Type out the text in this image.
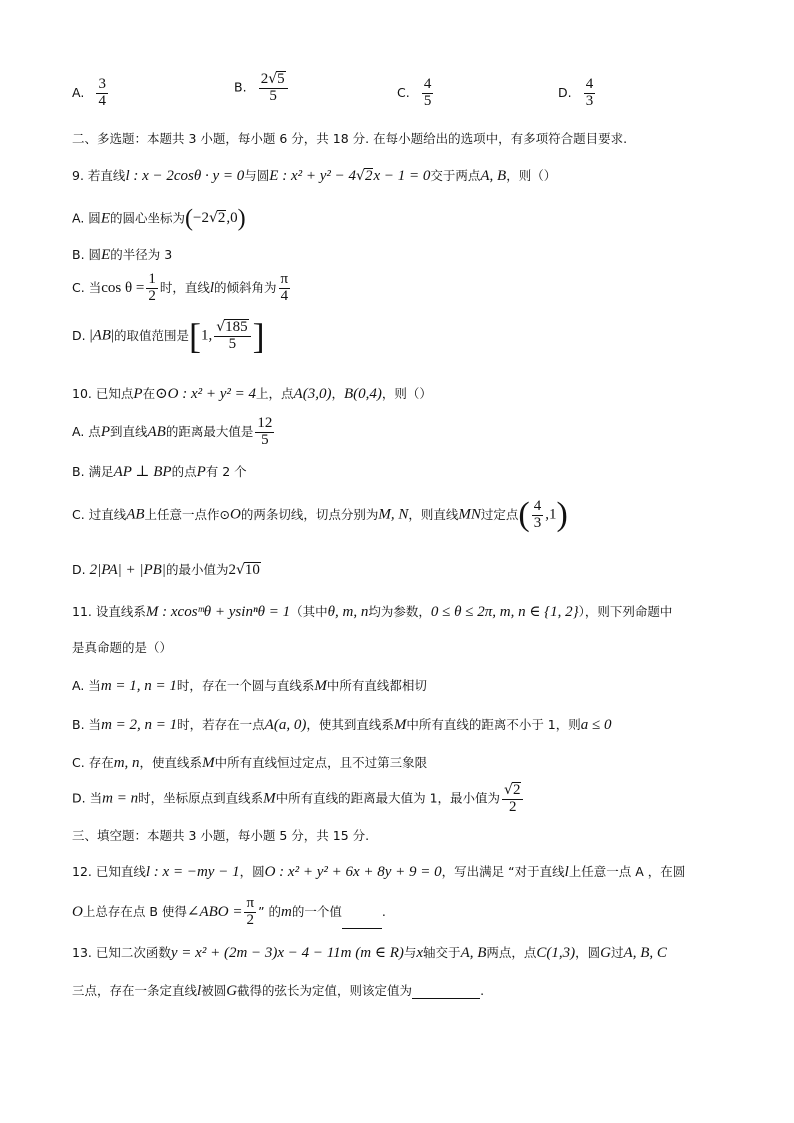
A. $\frac{3}{4}$	B. $\frac{2√5}{5}$	C. $\frac{4}{5}$	D. $\frac{4}{3}$
二、多选题：本题共 3 小题，每小题 6 分，共 18 分. 在每小题给出的选项中，有多项符合题目要求.
9. 若直线l : x − 2cosθ · y = 0与圆E : x² + y² − 4√2x − 1 = 0交于两点A, B，则（）
A. 圆E的圆心坐标为(−2√2,0)
B. 圆E的半径为 3
C. 当$\cos \theta = \frac{1}{2}$ 时，直线l的倾斜角为 $\frac{\pi}{4}$
D. |AB|的取值范围是[1, $\frac{√185}{5}$ ]
10. 已知点P在⊙O : x² + y² = 4上，点A(3,0)，B(0,4)，则（）
A. 点P到直线AB的距离最大值是 $\frac{12}{5}$
B. 满足AP ⊥ BP的点P有 2 个
C. 过直线AB上任意一点作⊙O的两条切线，切点分别为M, N，则直线MN过定点( $\frac{4}{3} ,1$)
D. 2|PA| + |PB|的最小值为2√10
11. 设直线系M : xcosᵐθ + ysinⁿθ = 1（其中θ, m, n均为参数，0 ≤ θ ≤ 2π, m, n ∈ {1, 2}），则下列命题中
是真命题的是（）
A. 当m = 1, n = 1时，存在一个圆与直线系M中所有直线都相切
B. 当m = 2, n = 1时，若存在一点A(a, 0)，使其到直线系M中所有直线的距离不小于 1，则a ≤ 0
C. 存在m, n，使直线系M中所有直线恒过定点，且不过第三象限
D. 当m = n时，坐标原点到直线系M中所有直线的距离最大值为 1，最小值为 $\frac{√2}{2}$
三、填空题：本题共 3 小题，每小题 5 分，共 15 分.
12. 已知直线l : x = −my − 1，圆O : x² + y² + 6x + 8y + 9 = 0，写出满足 “对于直线l上任意一点 A ，在圆
O上总存在点 B 使得∠ABO = $\frac{\pi}{2}$ ” 的m的一个值	.
13. 已知二次函数y = x² + (2m − 3)x − 4 − 11m (m ∈ R)与x轴交于A, B两点，点C(1,3)，圆G过A, B, C
三点，存在一条定直线l被圆G截得的弦长为定值，则该定值为	.
